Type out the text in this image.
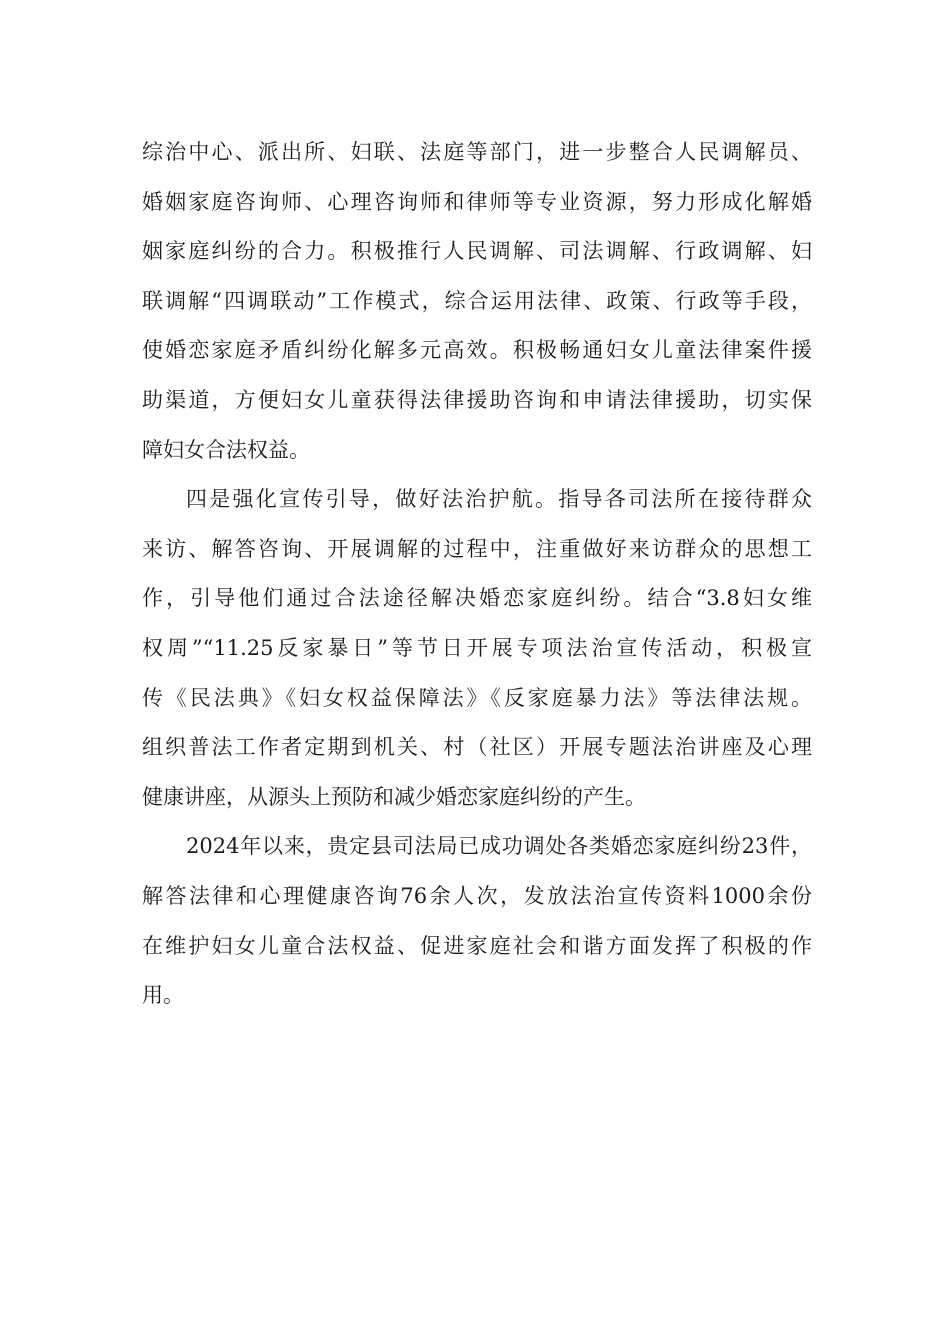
综治中心、派出所、妇联、法庭等部门，进一步整合人民调解员、
婚姻家庭咨询师、心理咨询师和律师等专业资源，努力形成化解婚
姻家庭纠纷的合力。积极推行人民调解、司法调解、行政调解、妇
联调解“四调联动”工作模式，综合运用法律、政策、行政等手段，
使婚恋家庭矛盾纠纷化解多元高效。积极畅通妇女儿童法律案件援
助渠道，方便妇女儿童获得法律援助咨询和申请法律援助，切实保
障妇女合法权益。
四是强化宣传引导，做好法治护航。指导各司法所在接待群众
来访、解答咨询、开展调解的过程中，注重做好来访群众的思想工
作，引导他们通过合法途径解决婚恋家庭纠纷。结合“3.8妇女维
权周”“11.25反家暴日”等节日开展专项法治宣传活动，积极宣
传《民法典》《妇女权益保障法》《反家庭暴力法》等法律法规。
组织普法工作者定期到机关、村（社区）开展专题法治讲座及心理
健康讲座，从源头上预防和减少婚恋家庭纠纷的产生。
2024年以来，贵定县司法局已成功调处各类婚恋家庭纠纷23件，
解答法律和心理健康咨询76余人次，发放法治宣传资料1000余份
在维护妇女儿童合法权益、促进家庭社会和谐方面发挥了积极的作
用。
